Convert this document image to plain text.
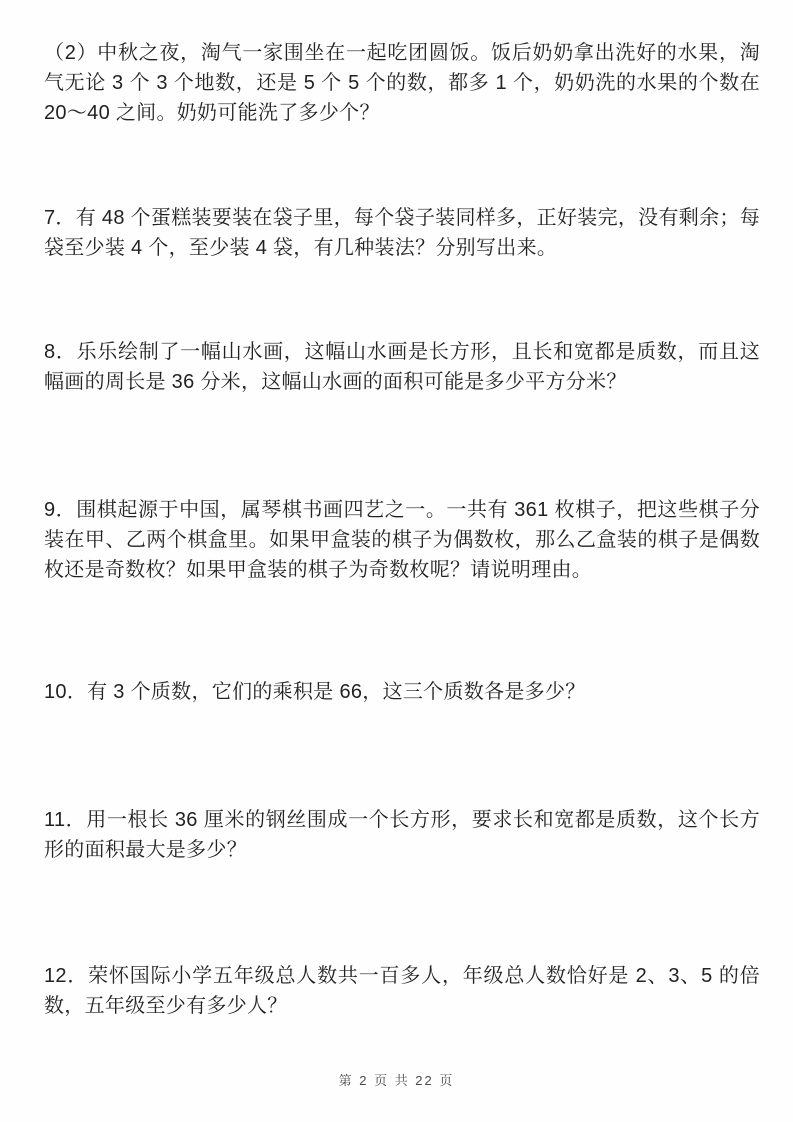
（2）中秋之夜，淘气一家围坐在一起吃团圆饭。饭后奶奶拿出洗好的水果，淘气无论 3 个 3 个地数，还是 5 个 5 个的数，都多 1 个，奶奶洗的水果的个数在 20～40 之间。奶奶可能洗了多少个？

7．有 48 个蛋糕装要装在袋子里，每个袋子装同样多，正好装完，没有剩余；每袋至少装 4 个，至少装 4 袋，有几种装法？分别写出来。

8．乐乐绘制了一幅山水画，这幅山水画是长方形，且长和宽都是质数，而且这幅画的周长是 36 分米，这幅山水画的面积可能是多少平方分米？

9．围棋起源于中国，属琴棋书画四艺之一。一共有 361 枚棋子，把这些棋子分装在甲、乙两个棋盒里。如果甲盒装的棋子为偶数枚，那么乙盒装的棋子是偶数枚还是奇数枚？如果甲盒装的棋子为奇数枚呢？请说明理由。

10．有 3 个质数，它们的乘积是 66，这三个质数各是多少？

11．用一根长 36 厘米的钢丝围成一个长方形，要求长和宽都是质数，这个长方形的面积最大是多少？

12．荣怀国际小学五年级总人数共一百多人，年级总人数恰好是 2、3、5 的倍数，五年级至少有多少人？

第 2 页 共 22 页
